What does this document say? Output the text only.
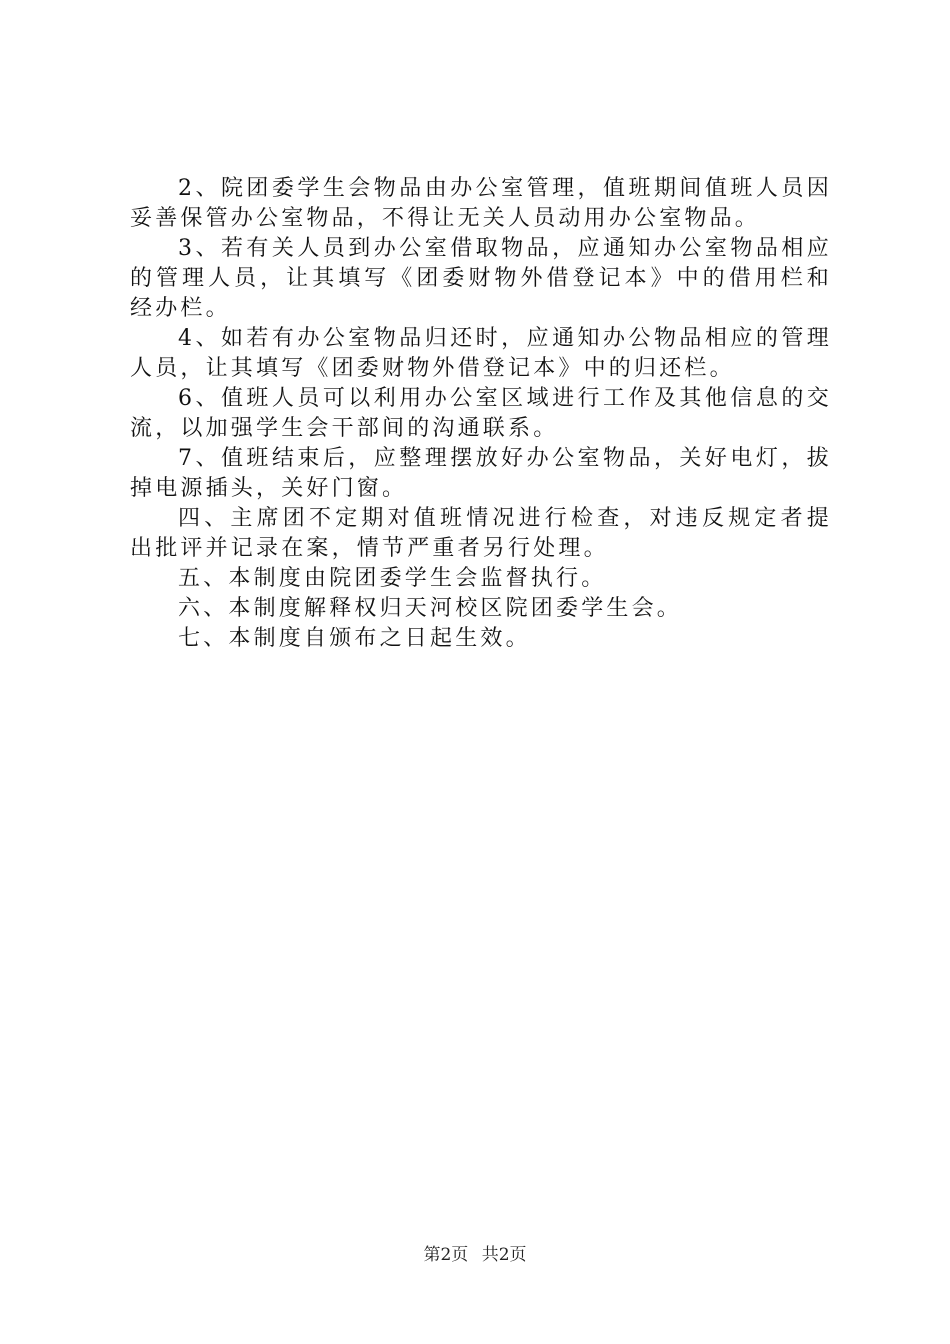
2、院团委学生会物品由办公室管理，值班期间值班人员因妥善保管办公室物品，不得让无关人员动用办公室物品。

3、若有关人员到办公室借取物品，应通知办公室物品相应的管理人员，让其填写《团委财物外借登记本》中的借用栏和经办栏。

4、如若有办公室物品归还时，应通知办公物品相应的管理人员，让其填写《团委财物外借登记本》中的归还栏。

6、值班人员可以利用办公室区域进行工作及其他信息的交流，以加强学生会干部间的沟通联系。

7、值班结束后，应整理摆放好办公室物品，关好电灯，拔掉电源插头，关好门窗。

四、主席团不定期对值班情况进行检查，对违反规定者提出批评并记录在案，情节严重者另行处理。

五、本制度由院团委学生会监督执行。

六、本制度解释权归天河校区院团委学生会。

七、本制度自颁布之日起生效。

第2页 共2页
